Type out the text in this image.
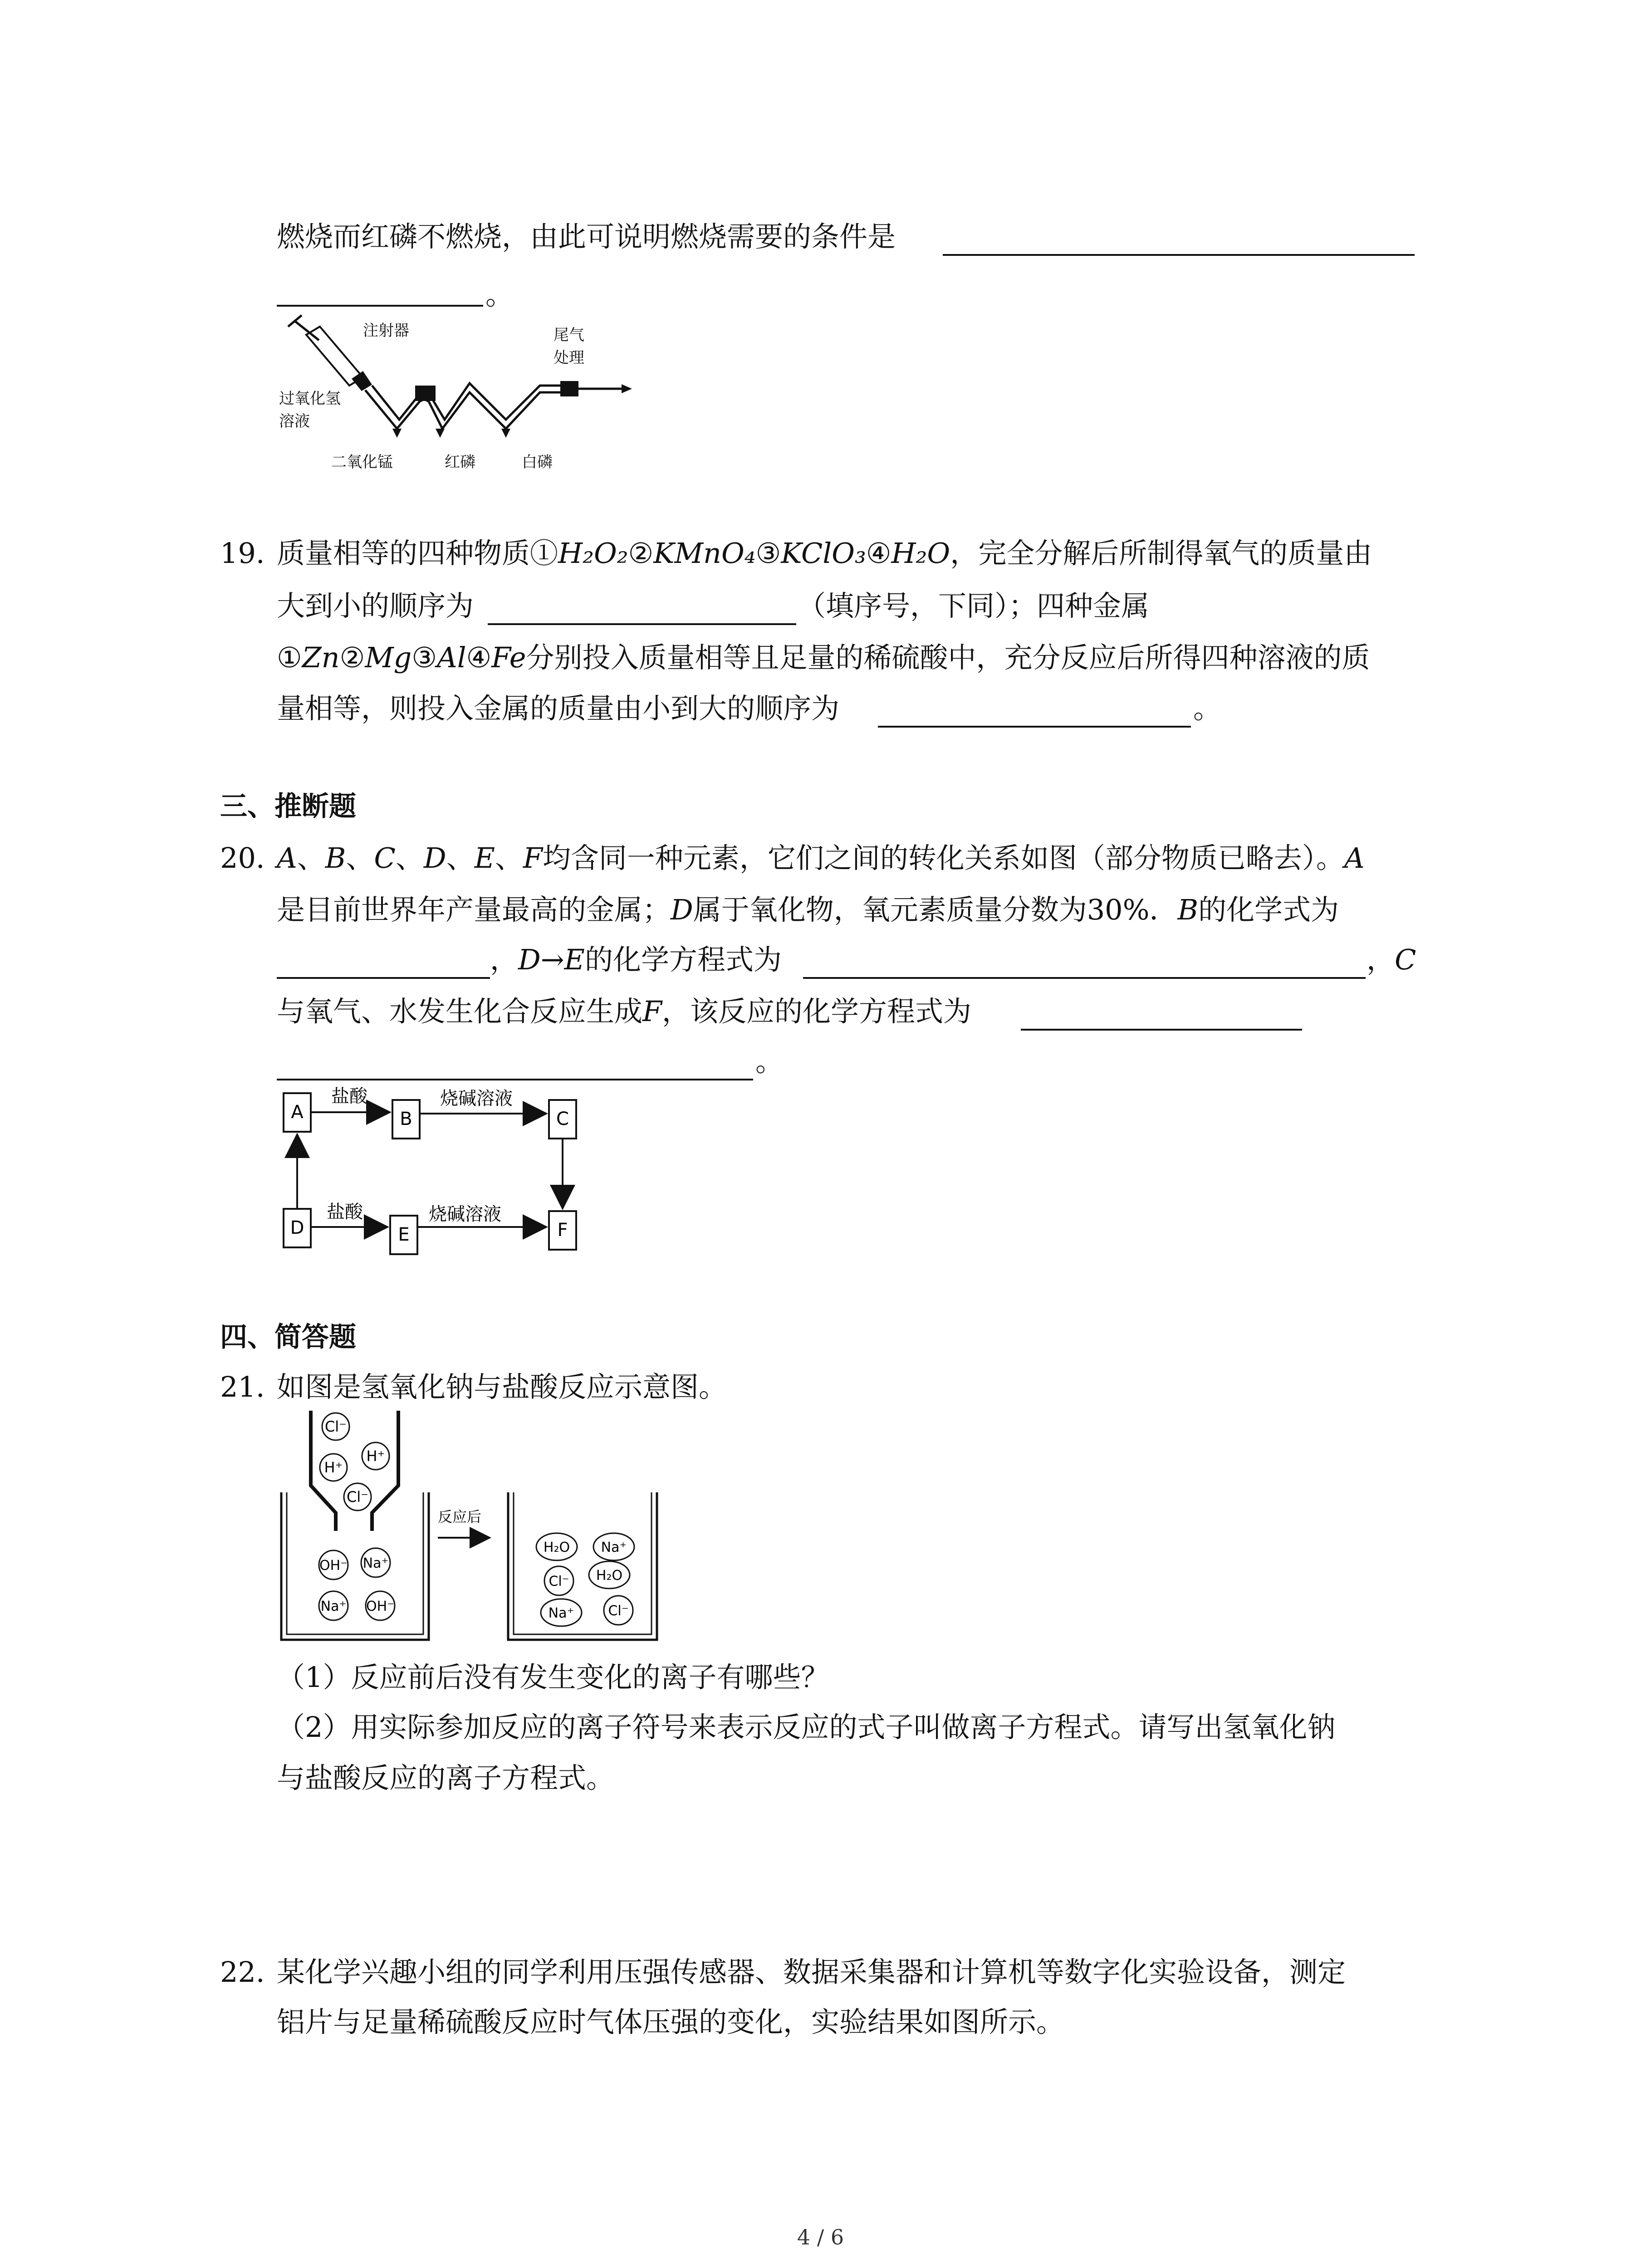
燃烧而红磷不燃烧，由此可说明燃烧需要的条件是
。
注射器	尾气
处理
过氧化氢
溶液
二氧化锰	红磷	白磷
19. 质量相等的四种物质①H₂O₂②KMnO₄③KClO₃④H₂O，完全分解后所制得氧气的质量由
大到小的顺序为	（填序号，下同）；四种金属
①Zn②Mg③Al④Fe分别投入质量相等且足量的稀硫酸中，充分反应后所得四种溶液的质
量相等，则投入金属的质量由小到大的顺序为	。
三、推断题
20. A、B、C、D、E、F均含同一种元素，它们之间的转化关系如图（部分物质已略去）。A
是目前世界年产量最高的金属；D属于氧化物，氧元素质量分数为30%．B的化学式为
，D→E的化学方程式为	，C
与氧气、水发生化合反应生成F，该反应的化学方程式为
。
A	B	C
D	E	F
盐酸	烧碱溶液
盐酸	烧碱溶液
四、简答题
21. 如图是氢氧化钠与盐酸反应示意图。
Cl⁻
H⁺
H⁺
Cl⁻
OH⁻ Na⁺
Na⁺ OH⁻
反应后
H₂O Na⁺
Cl⁻ H₂O
Na⁺	Cl⁻
（1）反应前后没有发生变化的离子有哪些？
（2）用实际参加反应的离子符号来表示反应的式子叫做离子方程式。请写出氢氧化钠
与盐酸反应的离子方程式。
22. 某化学兴趣小组的同学利用压强传感器、数据采集器和计算机等数字化实验设备，测定
铝片与足量稀硫酸反应时气体压强的变化，实验结果如图所示。
4 / 6
